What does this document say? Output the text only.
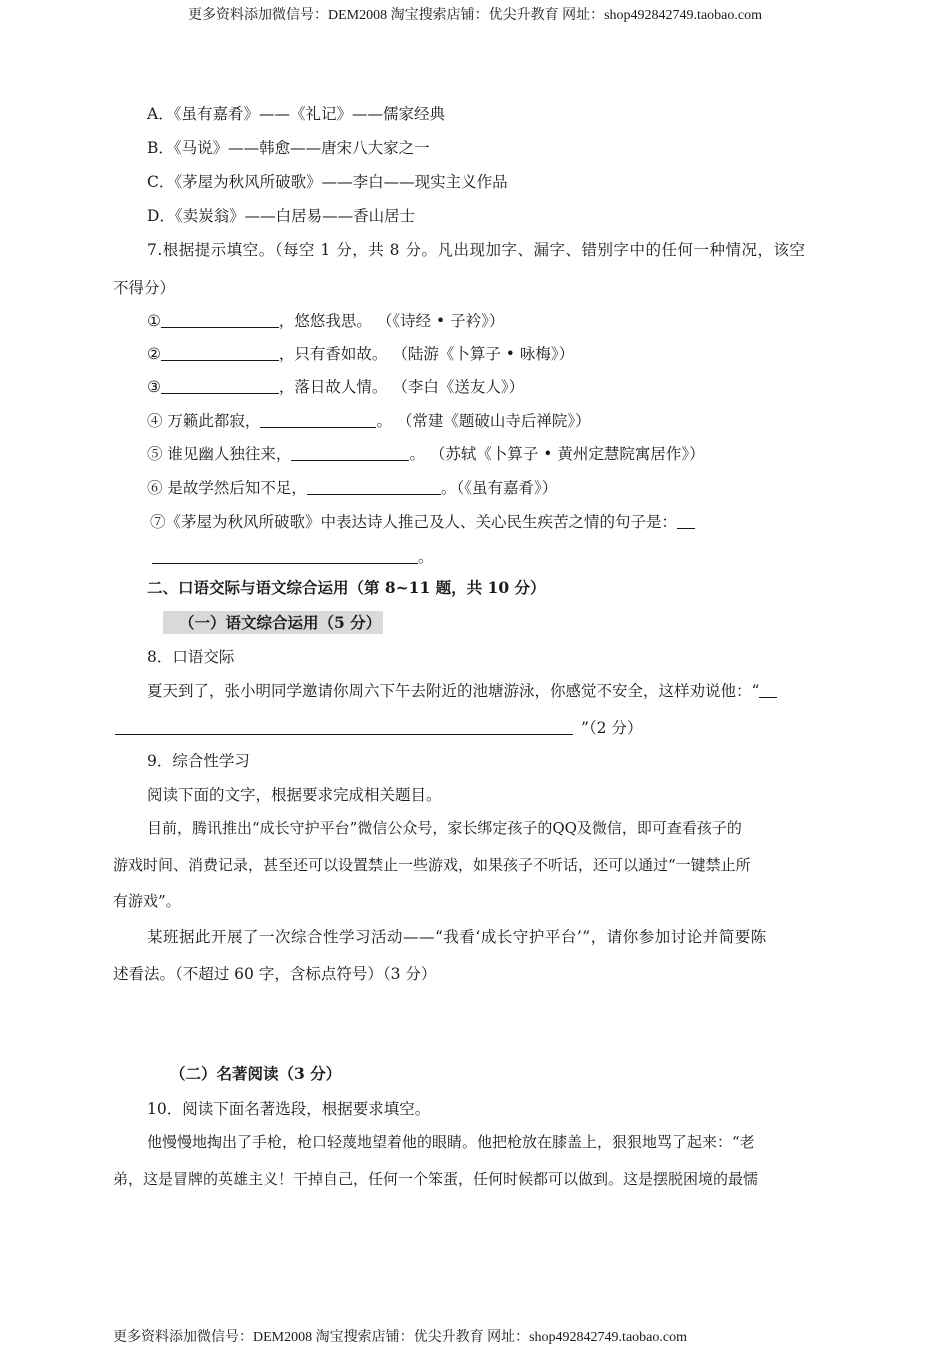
更多资料添加微信号：DEM2008 淘宝搜索店铺：优尖升教育 网址：shop492842749.taobao.com
A．《虽有嘉肴》——《礼记》——儒家经典
B．《马说》——韩愈——唐宋八大家之一
C．《茅屋为秋风所破歌》——李白——现实主义作品
D．《卖炭翁》——白居易——香山居士
7.根据提示填空。（每空 1 分，共 8 分。凡出现加字、漏字、错别字中的任何一种情况，该空
不得分）
①	，悠悠我思。 （《诗经 • 子衿》）
②	，只有香如故。 （陆游《卜算子 • 咏梅》）
③	，落日故人情。 （李白《送友人》）
④ 万籁此都寂，	。 （常建《题破山寺后禅院》）
⑤ 谁见幽人独往来，	。 （苏轼《卜算子 • 黄州定慧院寓居作》）
⑥ 是故学然后知不足，	。（《虽有嘉肴》）
⑦《茅屋为秋风所破歌》中表达诗人推己及人、关心民生疾苦之情的句子是：
。
二、口语交际与语文综合运用（第 8~11 题，共 10 分）
（一）语文综合运用（5 分）
8．口语交际
夏天到了，张小明同学邀请你周六下午去附近的池塘游泳，你感觉不安全，这样劝说他：“
”（2 分）
9．综合性学习
阅读下面的文字，根据要求完成相关题目。
目前，腾讯推出“成长守护平台”微信公众号，家长绑定孩子的QQ及微信，即可查看孩子的
游戏时间、消费记录，甚至还可以设置禁止一些游戏，如果孩子不听话，还可以通过“一键禁止所
有游戏”。
某班据此开展了一次综合性学习活动——“我看‘成长守护平台’”，请你参加讨论并简要陈
述看法。（不超过 60 字，含标点符号）（3 分）
（二）名著阅读（3 分）
10．阅读下面名著选段，根据要求填空。
他慢慢地掏出了手枪，枪口轻蔑地望着他的眼睛。他把枪放在膝盖上，狠狠地骂了起来：“老
弟，这是冒牌的英雄主义！干掉自己，任何一个笨蛋，任何时候都可以做到。这是摆脱困境的最懦
更多资料添加微信号：DEM2008 淘宝搜索店铺：优尖升教育 网址：shop492842749.taobao.com
